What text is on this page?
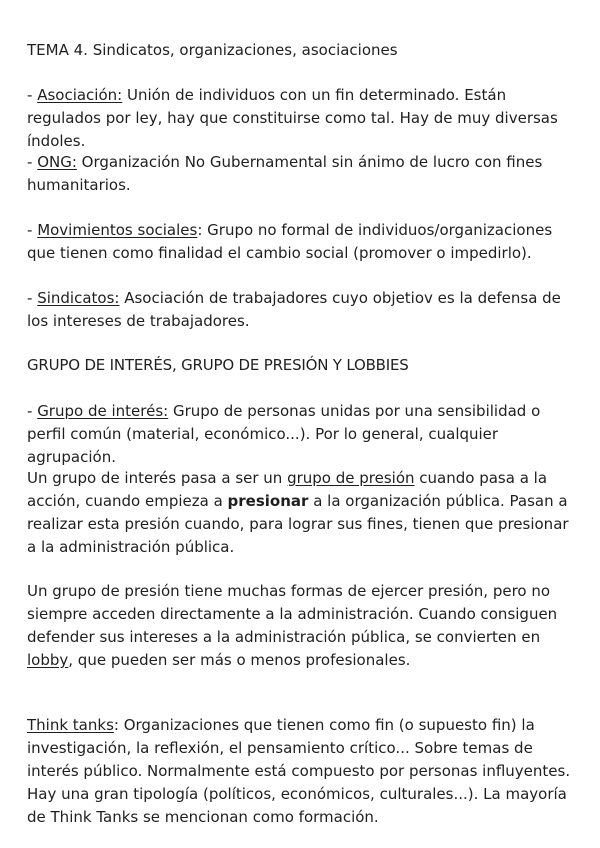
TEMA 4. Sindicatos, organizaciones, asociaciones

- Asociación: Unión de individuos con un fin determinado. Están regulados por ley, hay que constituirse como tal. Hay de muy diversas índoles.

- ONG: Organización No Gubernamental sin ánimo de lucro con fines humanitarios.

- Movimientos sociales: Grupo no formal de individuos/organizaciones que tienen como finalidad el cambio social (promover o impedirlo).

- Sindicatos: Asociación de trabajadores cuyo objetiov es la defensa de los intereses de trabajadores.

GRUPO DE INTERÉS, GRUPO DE PRESIÓN Y LOBBIES

- Grupo de interés: Grupo de personas unidas por una sensibilidad o perfil común (material, económico...). Por lo general, cualquier agrupación.

Un grupo de interés pasa a ser un grupo de presión cuando pasa a la acción, cuando empieza a presionar a la organización pública. Pasan a realizar esta presión cuando, para lograr sus fines, tienen que presionar a la administración pública.

Un grupo de presión tiene muchas formas de ejercer presión, pero no siempre acceden directamente a la administración. Cuando consiguen defender sus intereses a la administración pública, se convierten en lobby, que pueden ser más o menos profesionales.

Think tanks: Organizaciones que tienen como fin (o supuesto fin) la investigación, la reflexión, el pensamiento crítico... Sobre temas de interés público. Normalmente está compuesto por personas influyentes. Hay una gran tipología (políticos, económicos, culturales...). La mayoría de Think Tanks se mencionan como formación.
